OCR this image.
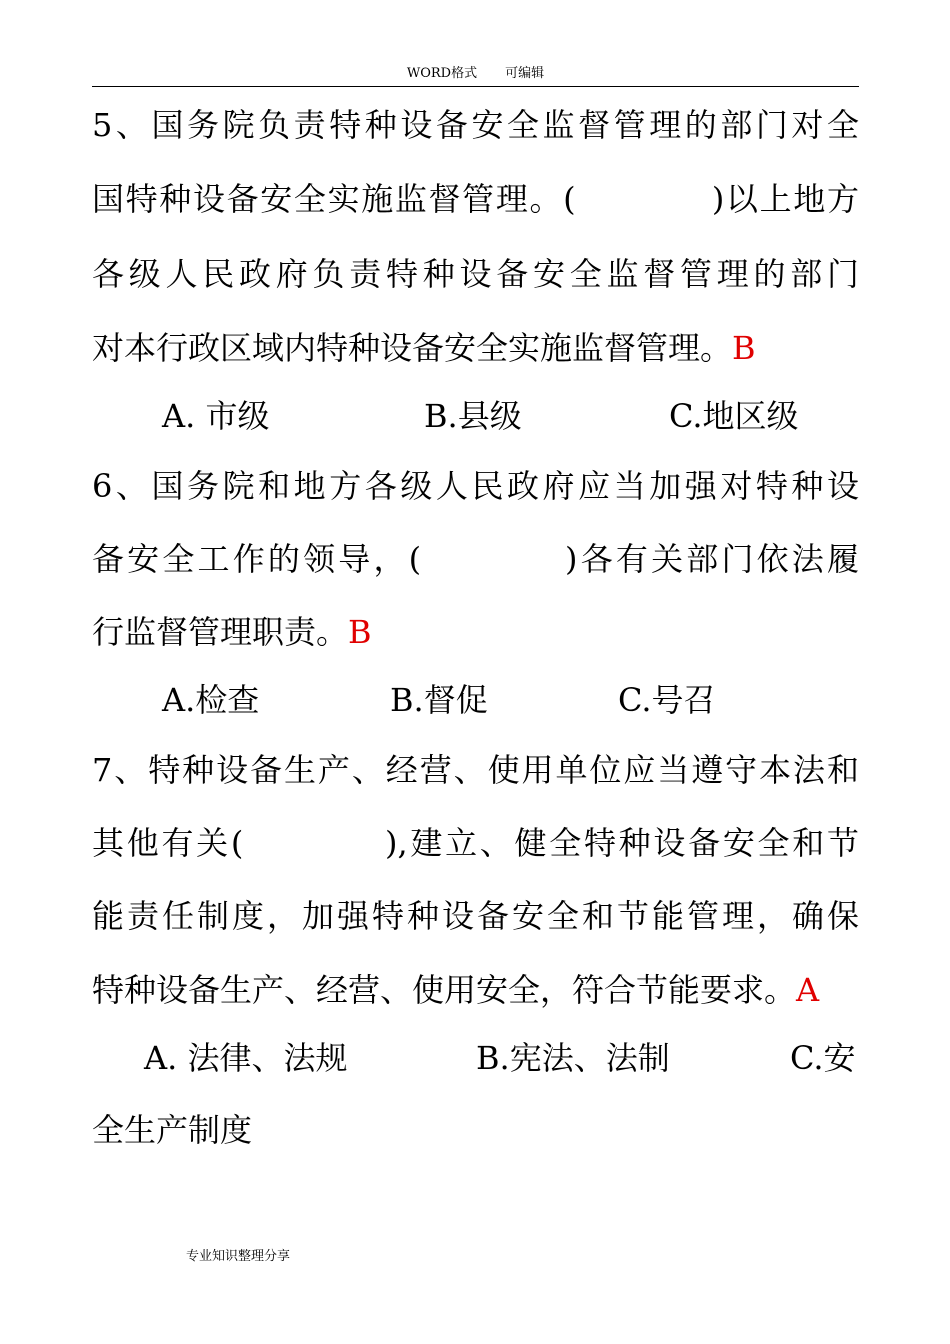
WORD格式 可编辑
5、国务院负责特种设备安全监督管理的部门对全
国特种设备安全实施监督管理。(　　　　)以上地方
各级人民政府负责特种设备安全监督管理的部门
对本行政区域内特种设备安全实施监督管理。B
A. 市级	B.县级	C.地区级
6、国务院和地方各级人民政府应当加强对特种设
备安全工作的领导，(　　　　)各有关部门依法履
行监督管理职责。B
A.检查	B.督促	C.号召
7、特种设备生产、经营、使用单位应当遵守本法和
其他有关(　　　　),建立、健全特种设备安全和节
能责任制度，加强特种设备安全和节能管理，确保
特种设备生产、经营、使用安全，符合节能要求。A
A. 法律、法规	B.宪法、法制	C.安
全生产制度
专业知识整理分享
